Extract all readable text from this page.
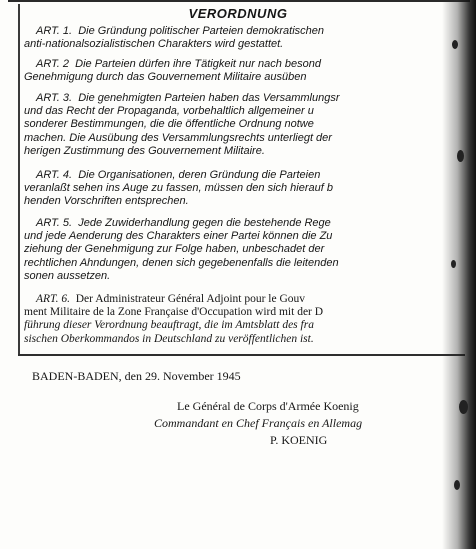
VERORDNUNG
ART. 1. Die Gründung politischer Parteien demokratischen
anti-nationalsozialistischen Charakters wird gestattet.
ART. 2 Die Parteien dürfen ihre Tätigkeit nur nach besond
Genehmigung durch das Gouvernement Militaire ausüben
ART. 3. Die genehmigten Parteien haben das Versammlungsr
und das Recht der Propaganda, vorbehaltlich allgemeiner u
sonderer Bestimmungen, die die öffentliche Ordnung notwe
machen. Die Ausübung des Versammlungsrechts unterliegt der
herigen Zustimmung des Gouvernement Militaire.
ART. 4. Die Organisationen, deren Gründung die Parteien
veranlaßt sehen ins Auge zu fassen, müssen den sich hierauf b
henden Vorschriften entsprechen.
ART. 5. Jede Zuwiderhandlung gegen die bestehende Rege
und jede Aenderung des Charakters einer Partei können die Zu
ziehung der Genehmigung zur Folge haben, unbeschadet der
rechtlichen Ahndungen, denen sich gegebenenfalls die leitenden
sonen aussetzen.
ART. 6. Der Administrateur Général Adjoint pour le Gouv
ment Militaire de la Zone Française d'Occupation wird mit der D
führung dieser Verordnung beauftragt, die im Amtsblatt des fra
sischen Oberkommandos in Deutschland zu veröffentlichen ist.
BADEN-BADEN, den 29. November 1945
Le Général de Corps d'Armée Koenig
Commandant en Chef Français en Allemag
P. KOENIG
